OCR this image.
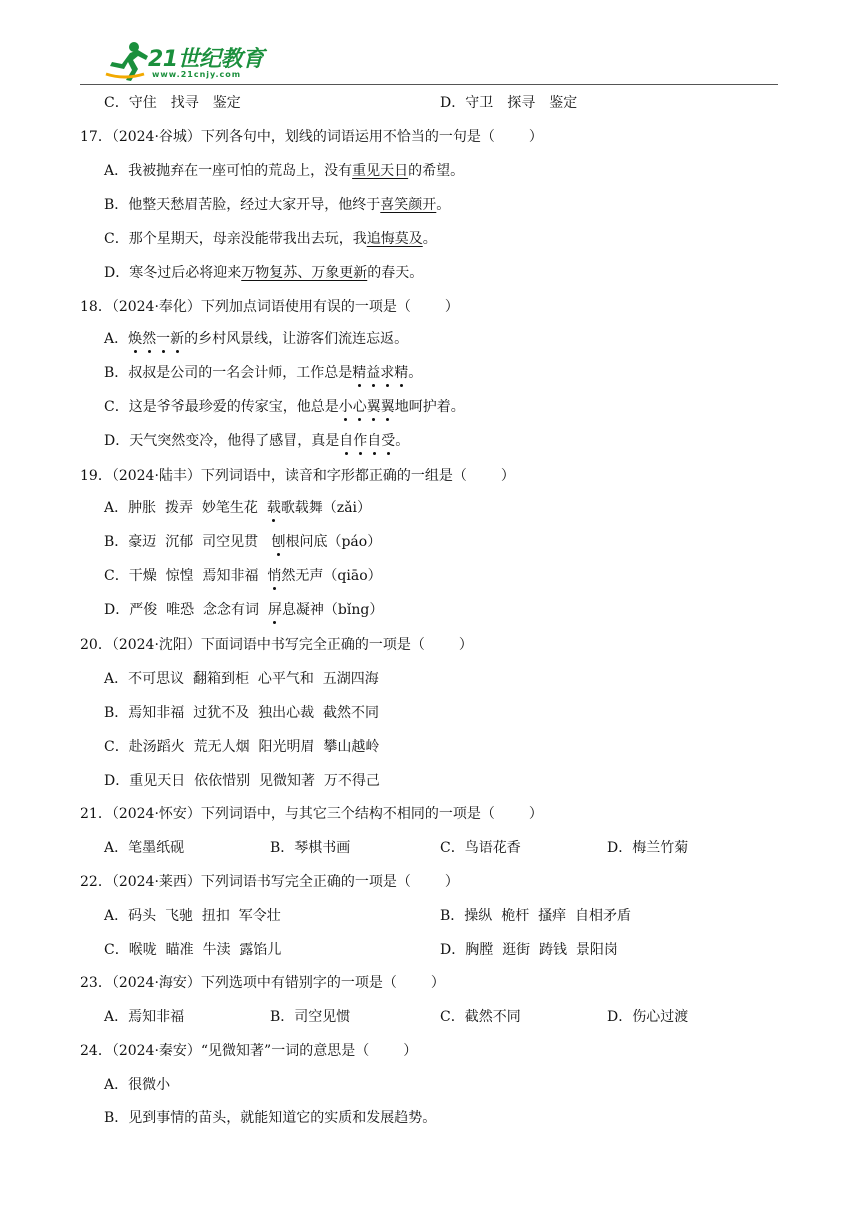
21世纪教育
www.21cnjy.com
C．守住　找寻　鉴定	D．守卫　探寻　鉴定
17．（2024·谷城）下列各句中，划线的词语运用不恰当的一句是（ ）
A．我被抛弃在一座可怕的荒岛上，没有重见天日的希望。
B．他整天愁眉苦脸，经过大家开导，他终于喜笑颜开。
C．那个星期天，母亲没能带我出去玩，我追悔莫及。
D．寒冬过后必将迎来万物复苏、万象更新的春天。
18．（2024·奉化）下列加点词语使用有误的一项是（ ）
A．焕然一新的乡村风景线，让游客们流连忘返。
B．叔叔是公司的一名会计师，工作总是精益求精。
C．这是爷爷最珍爱的传家宝，他总是小心翼翼地呵护着。
D．天气突然变冷，他得了感冒，真是自作自受。
19．（2024·陆丰）下列词语中，读音和字形都正确的一组是（ ）
A．肿胀  拨弄  妙笔生花  载歌载舞（zǎi）
B．豪迈  沉郁  司空见贯   刨根问底（páo）
C．干燥  惊惶  焉知非福  悄然无声（qiāo）
D．严俊  唯恐  念念有词  屏息凝神（bǐng）
20．（2024·沈阳）下面词语中书写完全正确的一项是（ ）
A．不可思议  翻箱到柜  心平气和  五湖四海
B．焉知非福  过犹不及  独出心裁  截然不同
C．赴汤蹈火  荒无人烟  阳光明眉  攀山越岭
D．重见天日  依依惜别  见微知著  万不得己
21．（2024·怀安）下列词语中，与其它三个结构不相同的一项是（ ）
A．笔墨纸砚	B．琴棋书画	C．鸟语花香	D．梅兰竹菊
22．（2024·莱西）下列词语书写完全正确的一项是（ ）
A．码头  飞驰  扭扣  军令壮	B．操纵  桅杆  搔痒  自相矛盾
C．喉咙  瞄准  牛渎  露馅儿	D．胸膛  逛街  踌钱  景阳岗
23．（2024·海安）下列选项中有错别字的一项是（ ）
A．焉知非福	B．司空见惯	C．截然不同	D．伤心过渡
24．（2024·秦安）“见微知著”一词的意思是（ ）
A．很微小
B．见到事情的苗头，就能知道它的实质和发展趋势。
